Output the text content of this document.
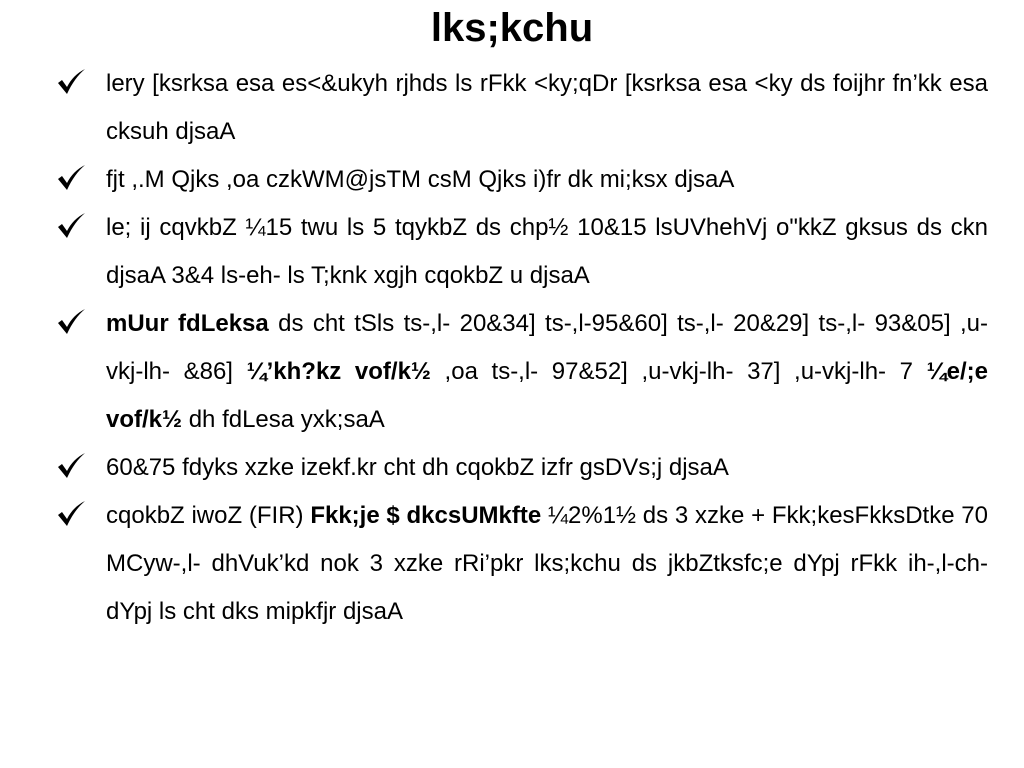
lks;kchu
lery [ksrksa esa es<&ukyh rjhds ls rFkk <ky;qDr [ksrksa esa <ky ds foijhr fn’kk esa cksuh djsaA
fjt ,.M Qjks ,oa czkWM@jsTM csM Qjks i)fr dk mi;ksx djsaA
le; ij cqvkbZ ¼15 twu ls 5 tqykbZ ds chp½ 10&15 lsUVhehVj o"kkZ gksus ds ckn djsaA 3&4 ls-eh- ls T;knk xgjh cqokbZ u djsaA
mUur fdLeksa ds cht tSls ts-,l- 20&34] ts-,l-95&60] ts-,l- 20&29] ts-,l- 93&05] ,u-vkj-lh- &86] ¼’kh?kz vof/k½ ,oa ts-,l- 97&52] ,u-vkj-lh- 37] ,u-vkj-lh- 7 ¼e/;e vof/k½ dh fdLesa yxk;saA
60&75 fdyks xzke izekf.kr cht dh cqokbZ izfr gsDVs;j djsaA
cqokbZ iwoZ (FIR) Fkk;je $ dkcsUMkfte ¼2%1½ ds 3 xzke + Fkk;kesFkksDtke 70 MCyw-,l- dhVuk’kd nok 3 xzke rRi’pkr lks;kchu ds jkbZtksfc;e dYpj rFkk ih-,l-ch- dYpj ls cht dks mipkfjr djsaA
